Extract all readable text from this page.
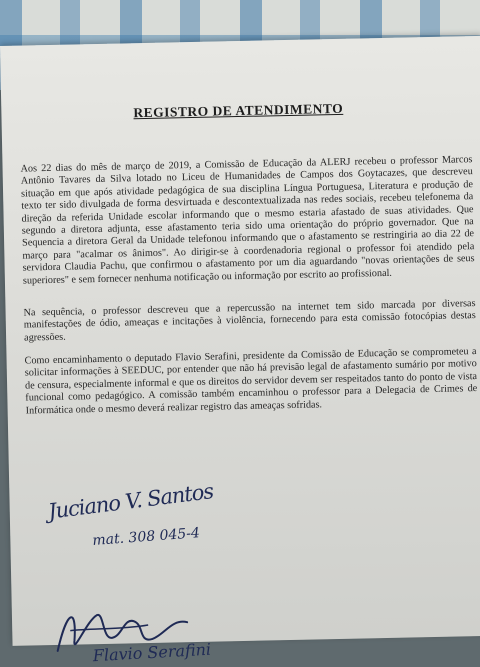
REGISTRO DE ATENDIMENTO

Aos 22 dias do mês de março de 2019, a Comissão de Educação da ALERJ recebeu o professor Marcos Antônio Tavares da Silva lotado no Liceu de Humanidades de Campos dos Goytacazes, que descreveu situação em que após atividade pedagógica de sua disciplina Língua Portuguesa, Literatura e produção de texto ter sido divulgada de forma desvirtuada e descontextualizada nas redes sociais, recebeu telefonema da direção da referida Unidade escolar informando que o mesmo estaria afastado de suas atividades. Que segundo a diretora adjunta, esse afastamento teria sido uma orientação do próprio governador. Que na Sequencia a diretora Geral da Unidade telefonou informando que o afastamento se restringiria ao dia 22 de março para "acalmar os ânimos". Ao dirigir-se à coordenadoria regional o professor foi atendido pela servidora Claudia Pachu, que confirmou o afastamento por um dia aguardando "novas orientações de seus superiores" e sem fornecer nenhuma notificação ou informação por escrito ao profissional.

Na sequência, o professor descreveu que a repercussão na internet tem sido marcada por diversas manifestações de ódio, ameaças e incitações à violência, fornecendo para esta comissão fotocópias destas agressões.

Como encaminhamento o deputado Flavio Serafini, presidente da Comissão de Educação se comprometeu a solicitar informações à SEEDUC, por entender que não há previsão legal de afastamento sumário por motivo de censura, especialmente informal e que os direitos do servidor devem ser respeitados tanto do ponto de vista funcional como pedagógico. A comissão também encaminhou o professor para a Delegacia de Crimes de Informática onde o mesmo deverá realizar registro das ameaças sofridas.

Juciano V. Santos
mat. 308 045-4
Flavio Serafini
